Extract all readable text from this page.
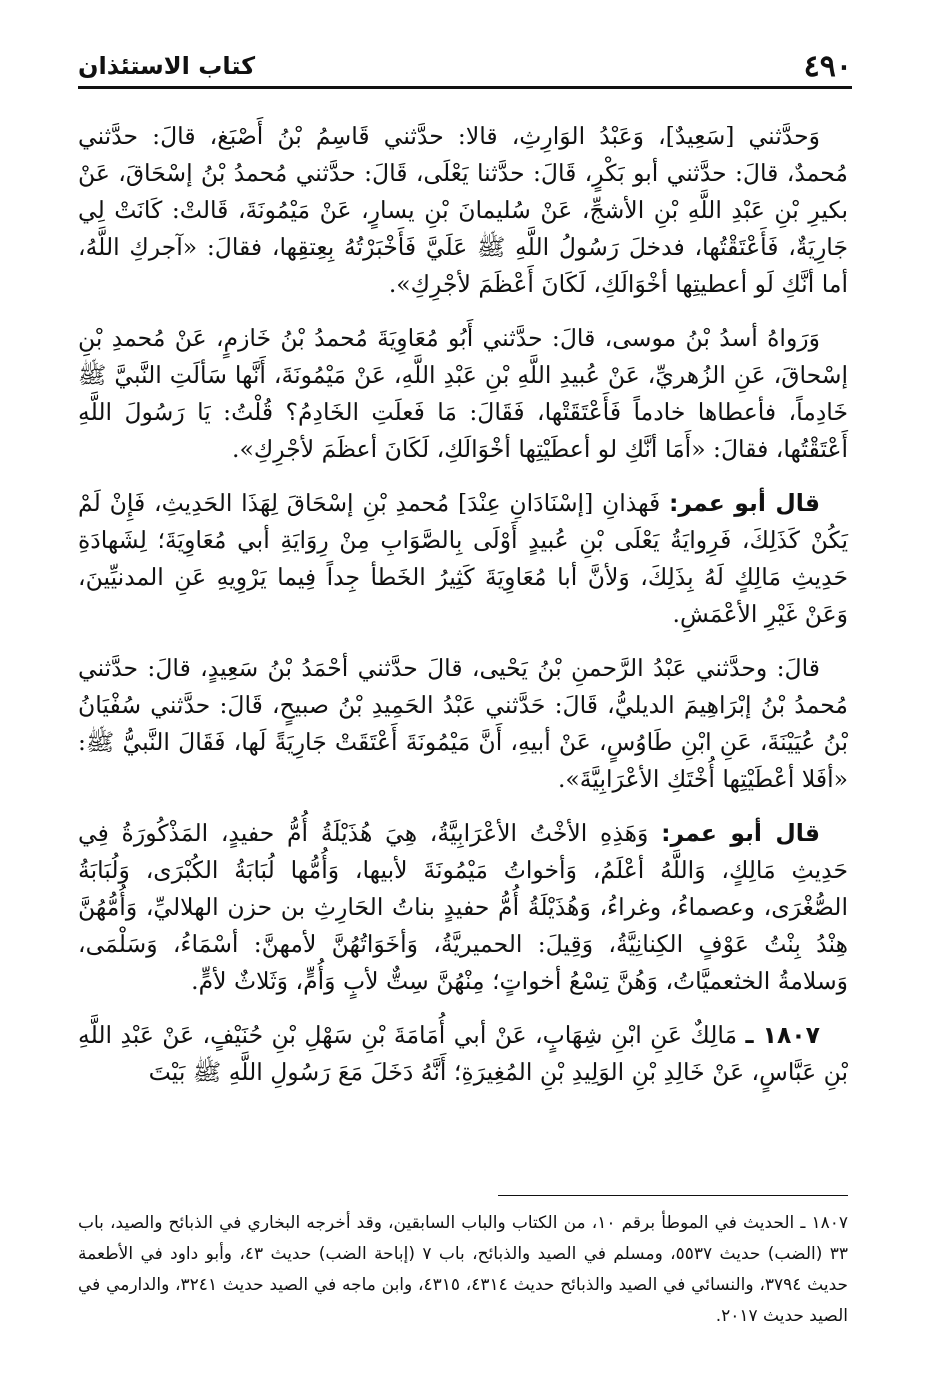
٤٩٠
كتاب الاستئذان

وَحدَّثني [سَعِيدٌ]، وَعَبْدُ الوَارِثِ، قالا: حدَّثني قَاسِمُ بْنُ أَصْبَغ، قالَ: حدَّثني مُحمدٌ، قالَ: حدَّثني أبو بَكْرٍ، قَالَ: حدَّثنا يَعْلَى، قَالَ: حدَّثني مُحمدُ بْنُ إسْحَاقَ، عَنْ بكيرِ بْنِ عَبْدِ اللَّهِ بْنِ الأشجِّ، عَنْ سُليمانَ بْنِ يسارٍ، عَنْ مَيْمُونَةَ، قَالتْ: كَانَتْ لِي جَارِيَةٌ، فَأَعْتَقْتُها، فدخلَ رَسُولُ اللَّهِ ﷺ عَلَيَّ فَأَخْبَرْتُهُ بِعِتقِها، فقالَ: «آجركِ اللَّهُ، أما أنَّكِ لَو أعطيتِها أخْوَالَكِ، لَكَانَ أَعْظَمَ لأجْرِكِ».

وَرَواهُ أسدُ بْنُ موسى، قالَ: حدَّثني أَبُو مُعَاوِيَةَ مُحمدُ بْنُ خَازمٍ، عَنْ مُحمدِ بْنِ إسْحاقَ، عَنِ الزُهريِّ، عَنْ عُبيدِ اللَّهِ بْنِ عَبْدِ اللَّهِ، عَنْ مَيْمُونَةَ، أَنَّها سَألَتِ النَّبيَّ ﷺ خَادِماً، فأعطاها خادماً فَأَعْتَقَتْها، فَقَالَ: مَا فَعلَتِ الخَادِمُ؟ قُلْتُ: يَا رَسُولَ اللَّهِ أَعْتَقْتُها، فقالَ: «أَمَا أنَّكِ لو أعطَيْتِها أخْوَالَكِ، لَكَانَ أعظَمَ لأجْرِكِ».

قال أبو عمر: فَهذانِ [إسْنَادَانِ عِنْدَ] مُحمدِ بْنِ إسْحَاقَ لِهَذَا الحَدِيثِ، فَإِنْ لَمْ يَكُنْ كَذَلِكَ، فَرِوايَةُ يَعْلَى بْنِ عُبيدٍ أَوْلَى بِالصَّوَابِ مِنْ رِوَايَةِ أبي مُعَاوِيَةَ؛ لِشَهادَةِ حَدِيثِ مَالِكٍ لَهُ بِذَلِكَ، وَلأنَّ أبا مُعَاوِيَةَ كَثِيرُ الخَطأ جِداً فِيما يَرْوِيهِ عَنِ المدنيِّينَ، وَعَنْ غَيْرِ الأعْمَشِ.

قالَ: وحدَّثني عَبْدُ الرَّحمنِ بْنُ يَحْيى، قالَ حدَّثني أحْمَدُ بْنُ سَعِيدٍ، قالَ: حدَّثني مُحمدُ بْنُ إبْرَاهِيمَ الديليُّ، قَالَ: حَدَّثني عَبْدُ الحَمِيدِ بْنُ صبيحٍ، قَالَ: حدَّثني سُفْيَانُ بْنُ عُيَيْنَةَ، عَنِ ابْنِ طَاوُسٍ، عَنْ أبيهِ، أَنَّ مَيْمُونَةَ أَعْتَقَتْ جَارِيَةً لَها، فَقَالَ النَّبيُّ ﷺ: «أفَلا أعْطَيْتِها أُخْتَكِ الأعْرَابِيَّةَ».

قال أبو عمر: وَهَذِهِ الأخْتُ الأعْرَابِيَّةُ، هِيَ هُذَيْلَةُ أُمُّ حفيدٍ، المَذْكُورَةُ فِي حَدِيثِ مَالِكٍ، وَاللَّهُ أعْلَمُ، وَأخواتُ مَيْمُونَةَ لأبيها، وَأُمُّها لُبَابَةُ الكُبْرَى، وَلُبَابَةُ الصُّغْرَى، وعصماءُ، وغراءُ، وَهُذَيْلَةُ أُمُّ حفيدٍ بناتُ الحَارِثِ بن حزن الهلاليِّ، وَأُمُّهُنَّ هِنْدُ بِنْتُ عَوْفٍ الكِنانِيَّةُ، وَقِيلَ: الحميريَّةُ، وَأخَوَاتُهُنَّ لأمهنَّ: أسْمَاءُ، وَسَلْمَى، وَسلامةُ الخثعميَّاتُ، وَهُنَّ تِسْعُ أخواتٍ؛ مِنْهُنَّ سِتٌّ لأبٍ وَأُمٍّ، وَثَلاثٌ لأمٍّ.

١٨٠٧ ـ مَالِكٌ عَنِ ابْنِ شِهَابٍ، عَنْ أبي أُمَامَةَ بْنِ سَهْلِ بْنِ حُنَيْفٍ، عَنْ عَبْدِ اللَّهِ بْنِ عَبَّاسٍ، عَنْ خَالِدِ بْنِ الوَلِيدِ بْنِ المُغِيرَةِ؛ أَنَّهُ دَخَلَ مَعَ رَسُولِ اللَّهِ ﷺ بَيْتَ

١٨٠٧ ـ الحديث في الموطأ برقم ١٠، من الكتاب والباب السابقين، وقد أخرجه البخاري في الذبائح والصيد، باب ٣٣ (الضب) حديث ٥٥٣٧، ومسلم في الصيد والذبائح، باب ٧ (إباحة الضب) حديث ٤٣، وأبو داود في الأطعمة حديث ٣٧٩٤، والنسائي في الصيد والذبائح حديث ٤٣١٤، ٤٣١٥، وابن ماجه في الصيد حديث ٣٢٤١، والدارمي في الصيد حديث ٢٠١٧.
